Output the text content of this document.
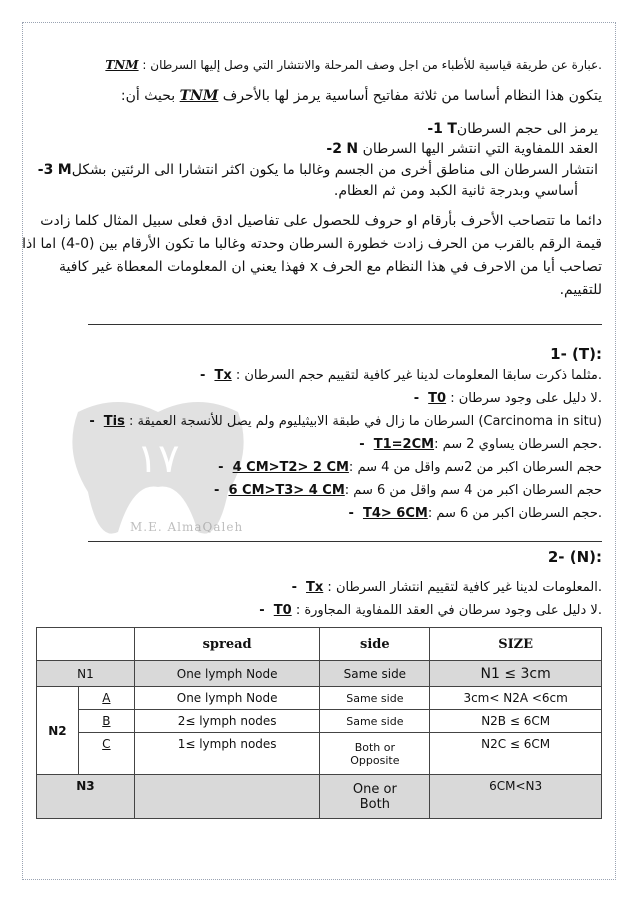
١٧
M.E. AlmaQaleh
TNM : عبارة عن طريقة قياسية للأطباء من اجل وصف المرحلة والانتشار التي وصل إليها السرطان.
يتكون هذا النظام أساسا من ثلاثة مفاتيح أساسية يرمز لها بالأحرف TNM بحيث أن:
-1 Tيرمز الى حجم السرطان
-2 N العقد اللمفاوية التي انتشر اليها السرطان
-3 Mانتشار السرطان الى مناطق أخرى من الجسم وغالبا ما يكون اكثر انتشارا الى الرئتين بشكل
أساسي وبدرجة ثانية الكبد ومن ثم العظام.
دائما ما تتصاحب الأحرف بأرقام او حروف للحصول على تفاصيل ادق فعلى سبيل المثال كلما زادت
قيمة الرقم بالقرب من الحرف زادت خطورة السرطان وحدته وغالبا ما تكون الأرقام بين (0-4) اما اذا
تصاحب أيا من الاحرف في هذا النظام مع الحرف x فهذا يعني ان المعلومات المعطاة غير كافية
للتقييم.
1- (T):
-  Tx : مثلما ذكرت سابقا المعلومات لدينا غير كافية لتقييم حجم السرطان.
-  T0 : لا دليل على وجود سرطان.
-  Tis : السرطان ما زال في طبقة الابيثيليوم ولم يصل للأنسجة العميقة (Carcinoma in situ)
-  T1=2CM: حجم السرطان يساوي 2 سم.
-  4 CM>T2> 2 CM: حجم السرطان اكبر من 2سم واقل من 4 سم
-  6 CM>T3> 4 CM: حجم السرطان اكبر من 4 سم واقل من 6 سم
-  T4> 6CM: حجم السرطان اكبر من 6 سم.
2- (N):
-  Tx : المعلومات لدينا غير كافية لتقييم انتشار السرطان.
-  T0 : لا دليل على وجود سرطان في العقد اللمفاوية المجاورة.
		spread	side	SIZE
N1		One lymph Node	Same side	N1 ≤ 3cm
N2	A	One lymph Node	Same side	3cm< N2A <6cm
	B	2≤ lymph nodes	Same side	N2B ≤ 6CM
	C	1≤ lymph nodes	Both or
Opposite	N2C ≤ 6CM
N3			One or
Both	6CM<N3
